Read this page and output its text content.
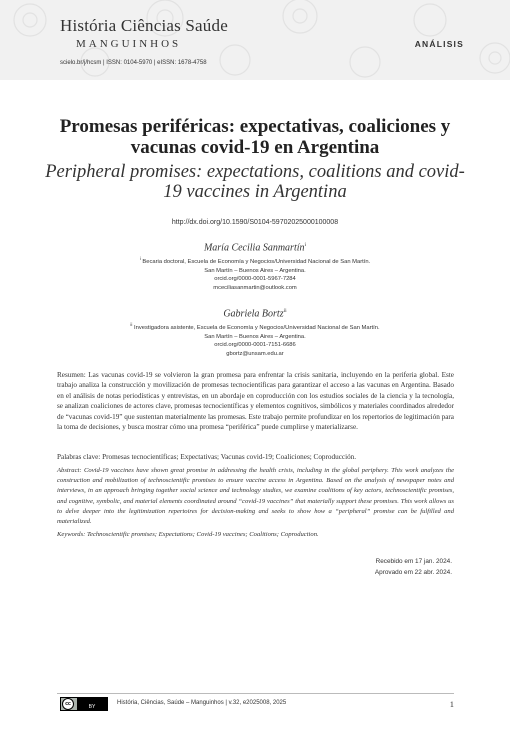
História Ciências Saúde
MANGUINHOS
scielo.br/j/hcsm | ISSN: 0104-5970 | eISSN: 1678-4758
ANÁLISIS
Promesas periféricas: expectativas, coaliciones y vacunas covid-19 en Argentina
Peripheral promises: expectations, coalitions and covid-19 vaccines in Argentina
http://dx.doi.org/10.1590/S0104-59702025000100008
María Cecilia Sanmartín$^i$
$^i$ Becaria doctoral, Escuela de Economía y Negocios/Universidad Nacional de San Martín.
San Martín – Buenos Aires – Argentina.
orcid.org/0000-0001-5967-7284
mceciliasanmartin@outlook.com
Gabriela Bortz$^{ii}$
$^{ii}$ Investigadora asistente, Escuela de Economía y Negocios/Universidad Nacional de San Martín.
San Martín – Buenos Aires – Argentina.
orcid.org/0000-0001-7151-6686
gbortz@unsam.edu.ar
Resumen: Las vacunas covid-19 se volvieron la gran promesa para enfrentar la crisis sanitaria, incluyendo en la periferia global. Este trabajo analiza la construcción y movilización de promesas tecnocientíficas para garantizar el acceso a las vacunas en Argentina. Basado en el análisis de notas periodísticas y entrevistas, en un abordaje en coproducción con los estudios sociales de la ciencia y la tecnología, se analizan coaliciones de actores clave, promesas tecnocientíficas y elementos cognitivos, simbólicos y materiales coordinados alrededor de “vacunas covid-19” que sustentan materialmente las promesas. Este trabajo permite profundizar en los repertorios de legitimación para la toma de decisiones, y busca mostrar cómo una promesa “periférica” puede cumplirse y materializarse.
Palabras clave: Promesas tecnocientíficas; Expectativas; Vacunas covid-19; Coaliciones; Coproducción.
Abstract: Covid-19 vaccines have shown great promise in addressing the health crisis, including in the global periphery. This work analyzes the construction and mobilization of technoscientific promises to ensure vaccine access in Argentina. Based on the analysis of newspaper notes and interviews, in an approach bringing together social science and technology studies, we examine coalitions of key actors, technoscientific promises, and cognitive, symbolic, and material elements coordinated around “covid-19 vaccines” that materially support these promises. This work allows us to delve deeper into the legitimization repertoires for decision-making and seeks to show how a “peripheral” promise can be fulfilled and materialized.
Keywords: Technoscientific promises; Expectations; Covid-19 vaccines; Coalitions; Coproduction.
Recebido em 17 jan. 2024.
Aprovado em 22 abr. 2024.
cc	BY
História, Ciências, Saúde – Manguinhos | v.32, e2025008, 2025	1
